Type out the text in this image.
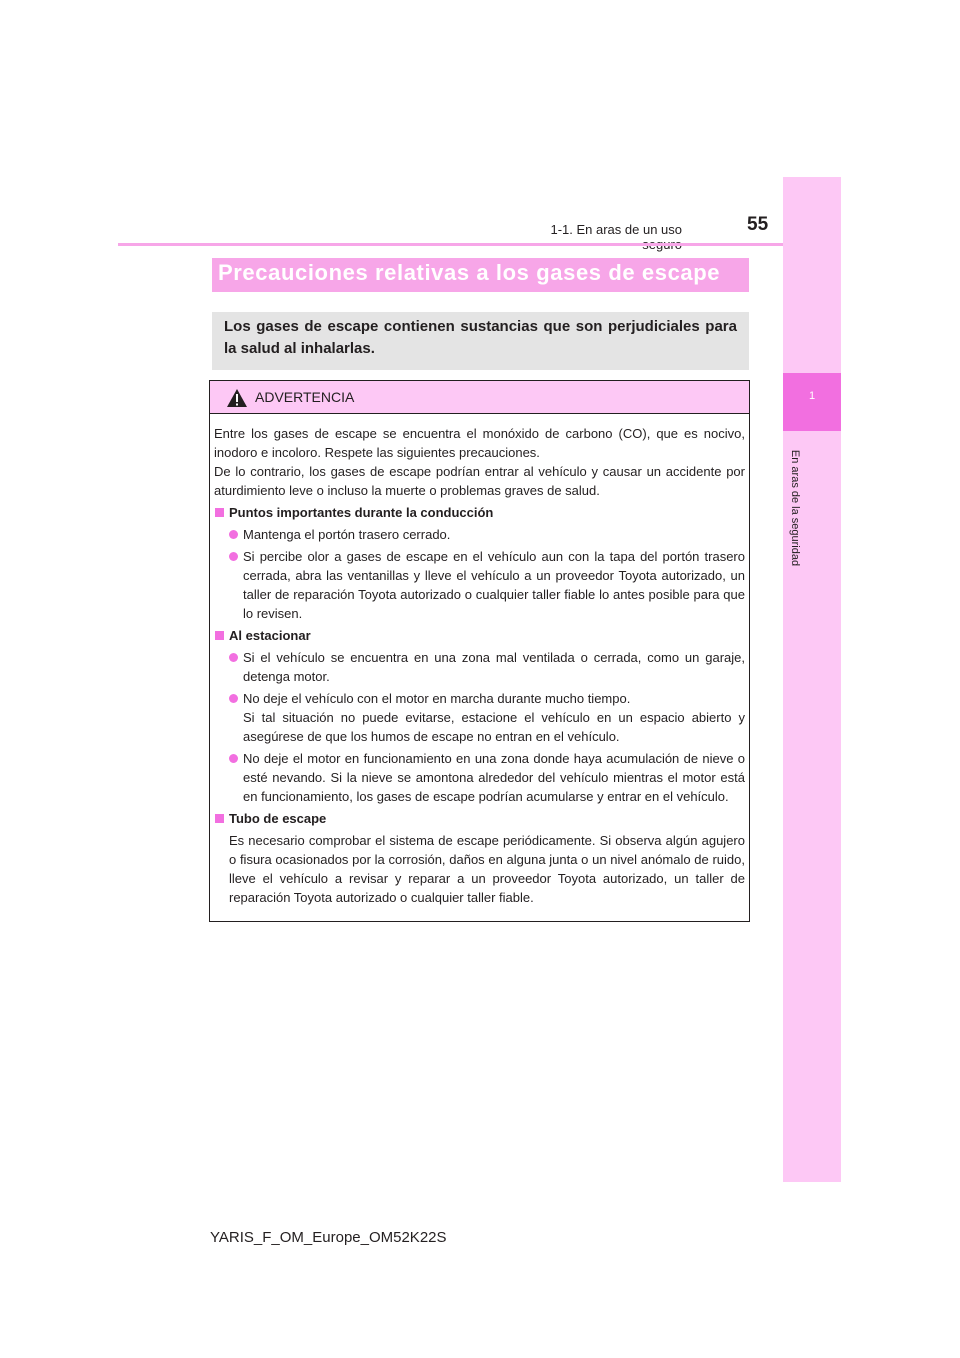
55
1-1. En aras de un uso
1
En aras de la seguridad
Precauciones relativas a los gases de escape
Los gases de escape contienen sustancias que son perjudiciales para la salud al inhalarlas.
ADVERTENCIA

Entre los gases de escape se encuentra el monóxido de carbono (CO), que es nocivo, inodoro e incoloro. Respete las siguientes precauciones.

De lo contrario, los gases de escape podrían entrar al vehículo y causar un accidente por aturdimiento leve o incluso la muerte o problemas graves de salud.

Puntos importantes durante la conducción

Mantenga el portón trasero cerrado.

Si percibe olor a gases de escape en el vehículo aun con la tapa del portón trasero cerrada, abra las ventanillas y lleve el vehículo a un proveedor Toyota autorizado, un taller de reparación Toyota autorizado o cualquier taller fiable lo antes posible para que lo revisen.

Al estacionar

Si el vehículo se encuentra en una zona mal ventilada o cerrada, como un garaje, detenga motor.

No deje el vehículo con el motor en marcha durante mucho tiempo.

Si tal situación no puede evitarse, estacione el vehículo en un espacio abierto y asegúrese de que los humos de escape no entran en el vehículo.

No deje el motor en funcionamiento en una zona donde haya acumulación de nieve o esté nevando. Si la nieve se amontona alrededor del vehículo mientras el motor está en funcionamiento, los gases de escape podrían acumularse y entrar en el vehículo.

Tubo de escape

Es necesario comprobar el sistema de escape periódicamente. Si observa algún agujero o fisura ocasionados por la corrosión, daños en alguna junta o un nivel anómalo de ruido, lleve el vehículo a revisar y reparar a un proveedor Toyota autorizado, un taller de reparación Toyota autorizado o cualquier taller fiable.

YARIS_F_OM_Europe_OM52K22S
